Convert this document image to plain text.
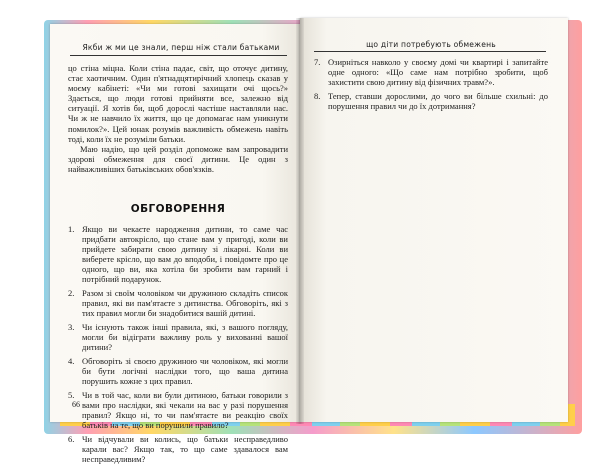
Якби ж ми це знали, перш ніж стали батьками

цо стіна міцна. Коли стіна падає, світ, що оточує дитину, стає хаотичним. Один п'ятнадцятирічний хлопець сказав у моєму кабінеті: «Чи ми готові захищати очі щось?» Здається, що люди готові прийняти все, залежно від ситуації. Я хотів би, щоб дорослі частіше наставляли нас. Чи ж не навчило їх життя, що це допомагає нам уникнути помилок?». Цей юнак розумів важливість обмежень навіть тоді, коли їх не розуміли батьки.

Маю надію, що цей розділ допоможе вам запровадити здорові обмеження для своєї дитини. Це один з найважливіших батьківських обов'язків.

ОБГОВОРЕННЯ
1. Якщо ви чекаєте народження дитини, то саме час придбати автокрісло, що стане вам у пригоді, коли ви прийдете забирати свою дитину зі лікарні. Коли ви виберете крісло, що вам до вподоби, і повідомте про це одного, що ви, яка хотіла би зробити вам гарний і потрібний подарунок.
2. Разом зі своїм чоловіком чи дружиною складіть список правил, які ви пам'ятаєте з дитинства. Обговоріть, які з тих правил могли би знадобитися вашій дитині.
3. Чи існують також інші правила, які, з вашого погляду, могли би відіграти важливу роль у вихованні вашої дитини?
4. Обговоріть зі своєю дружиною чи чоловіком, які могли би бути логічні наслідки того, що ваша дитина порушить кожне з цих правил.
5. Чи в той час, коли ви були дитиною, батьки говорили з вами про наслідки, які чекали на вас у разі порушення правил? Якщо ні, то чи пам'ятаєте ви реакцію своїх батьків на те, що ви порушили правило?
6. Чи відчували ви колись, що батьки несправедливо карали вас? Якщо так, то що саме здавалося вам несправедливим?
66
що діти потребують обмежень
7. Озирніться навколо у своєму домі чи квартирі і запитайте одне одного: «Що саме нам потрібно зробити, щоб захистити свою дитину від фізичних травм?».
8. Тепер, ставши дорослими, до чого ви більше схильні: до порушення правил чи до їх дотримання?
